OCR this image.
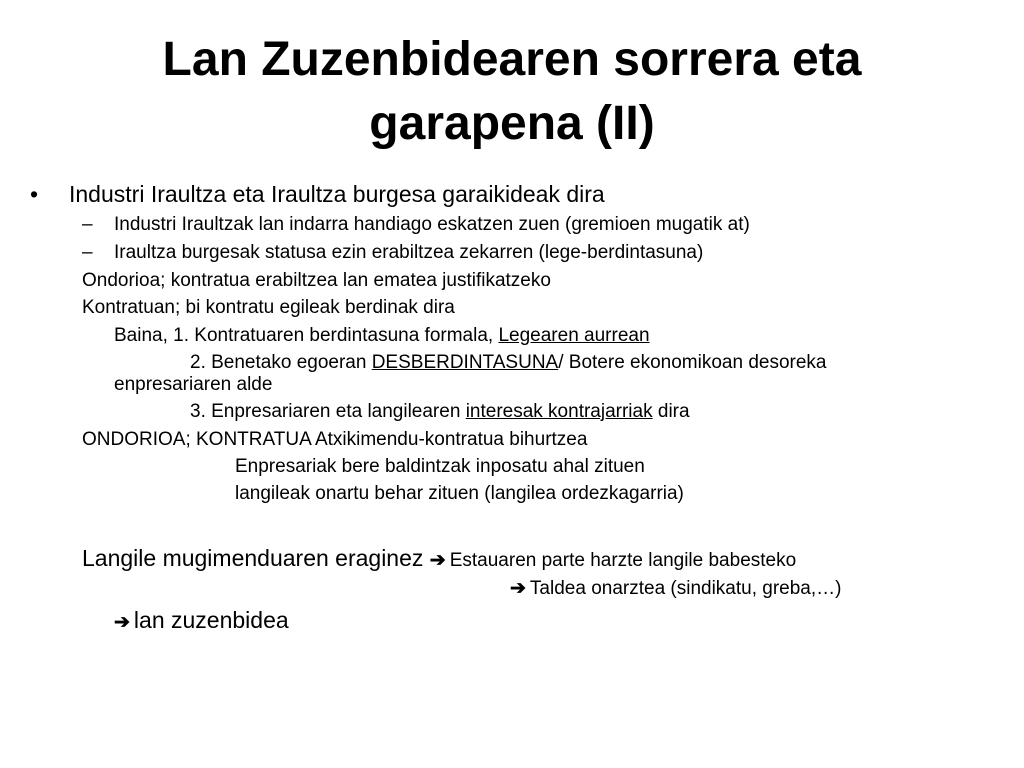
Lan Zuzenbidearen sorrera eta
garapena (II)
• Industri Iraultza eta Iraultza burgesa garaikideak dira
– Industri Iraultzak lan indarra handiago eskatzen zuen (gremioen mugatik at)
– Iraultza burgesak statusa ezin erabiltzea zekarren (lege-berdintasuna)
Ondorioa; kontratua erabiltzea lan ematea justifikatzeko
Kontratuan; bi kontratu egileak berdinak dira
Baina, 1. Kontratuaren berdintasuna formala, Legearen aurrean
2. Benetako egoeran DESBERDINTASUNA/ Botere ekonomikoan desoreka
enpresariaren alde
3. Enpresariaren eta langilearen interesak kontrajarriak dira
ONDORIOA; KONTRATUA Atxikimendu-kontratua bihurtzea
Enpresariak bere baldintzak inposatu ahal zituen
langileak onartu behar zituen (langilea ordezkagarria)
Langile mugimenduaren eraginez ➔ Estauaren parte harzte langile babesteko
➔ Taldea onarztea (sindikatu, greba,…)
➔ lan zuzenbidea
